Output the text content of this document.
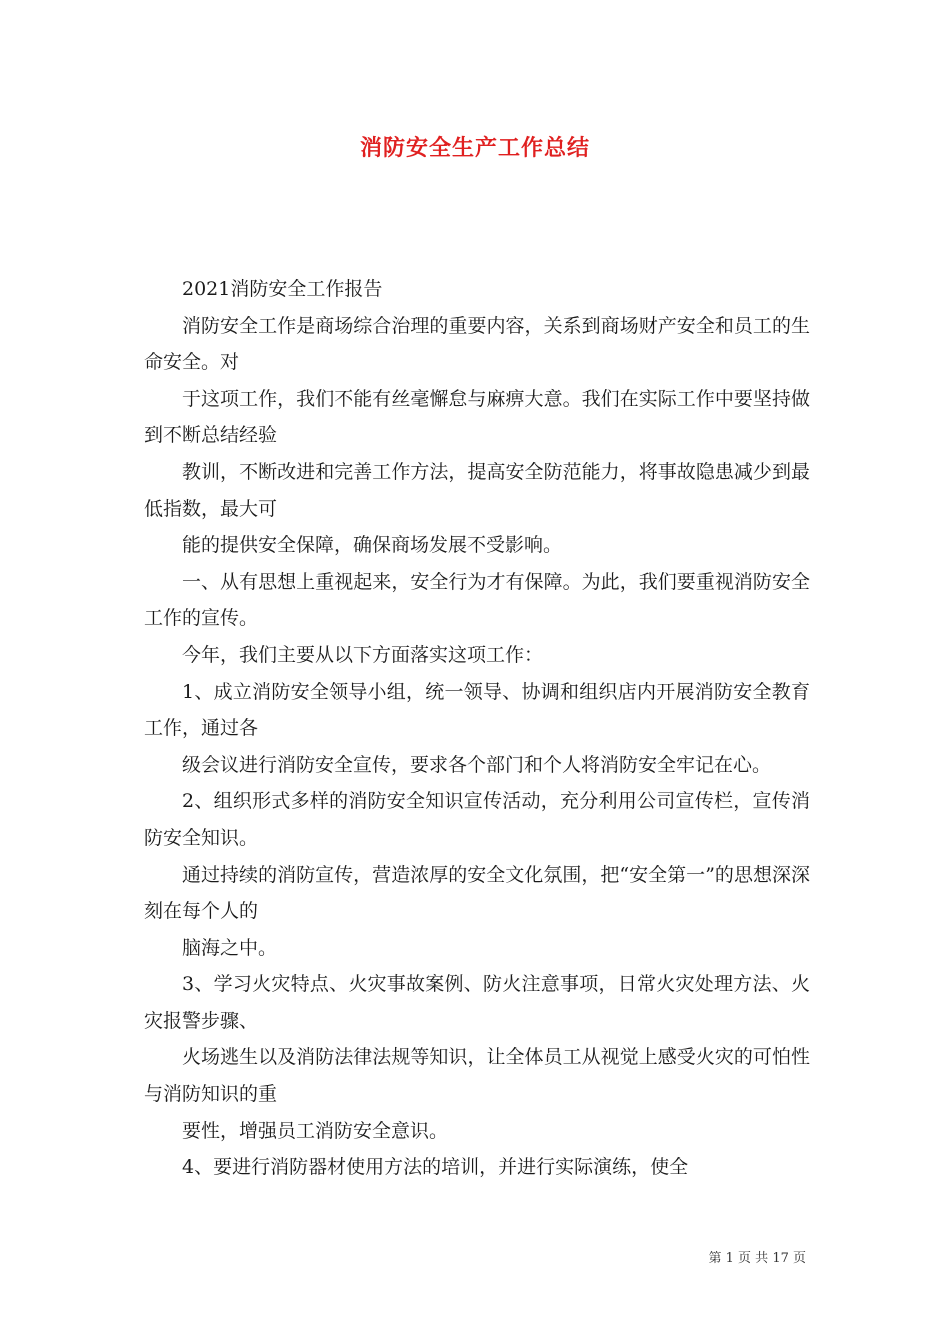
消防安全生产工作总结

2021消防安全工作报告

消防安全工作是商场综合治理的重要内容，关系到商场财产安全和员工的生命安全。对

于这项工作，我们不能有丝毫懈怠与麻痹大意。我们在实际工作中要坚持做到不断总结经验

教训，不断改进和完善工作方法，提高安全防范能力，将事故隐患减少到最低指数，最大可

能的提供安全保障，确保商场发展不受影响。

一、从有思想上重视起来，安全行为才有保障。为此，我们要重视消防安全工作的宣传。

今年，我们主要从以下方面落实这项工作：

1、成立消防安全领导小组，统一领导、协调和组织店内开展消防安全教育工作，通过各

级会议进行消防安全宣传，要求各个部门和个人将消防安全牢记在心。

2、组织形式多样的消防安全知识宣传活动，充分利用公司宣传栏，宣传消防安全知识。

通过持续的消防宣传，营造浓厚的安全文化氛围，把“安全第一”的思想深深刻在每个人的

脑海之中。

3、学习火灾特点、火灾事故案例、防火注意事项，日常火灾处理方法、火灾报警步骤、

火场逃生以及消防法律法规等知识，让全体员工从视觉上感受火灾的可怕性与消防知识的重

要性，增强员工消防安全意识。

4、要进行消防器材使用方法的培训，并进行实际演练，使全

第 1 页 共 17 页
